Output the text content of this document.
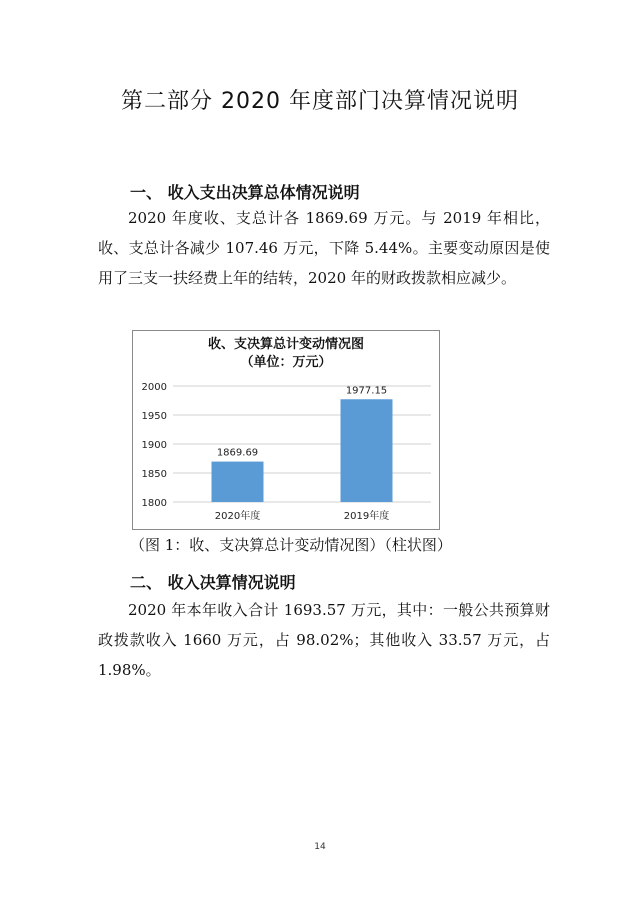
第二部分 2020 年度部门决算情况说明
一、 收入支出决算总体情况说明

2020 年度收、支总计各 1869.69 万元。与 2019 年相比，收、支总计各减少 107.46 万元，下降 5.44%。主要变动原因是使用了三支一扶经费上年的结转，2020 年的财政拨款相应减少。

收、支决算总计变动情况图
（单位：万元）
1800
1850
1900
1950
2000
1869.69
1977.15
2020年度	2019年度
（图 1：收、支决算总计变动情况图）（柱状图）
二、 收入决算情况说明

2020 年本年收入合计 1693.57 万元，其中：一般公共预算财政拨款收入 1660 万元，占 98.02%；其他收入 33.57 万元，占 1.98%。

14
